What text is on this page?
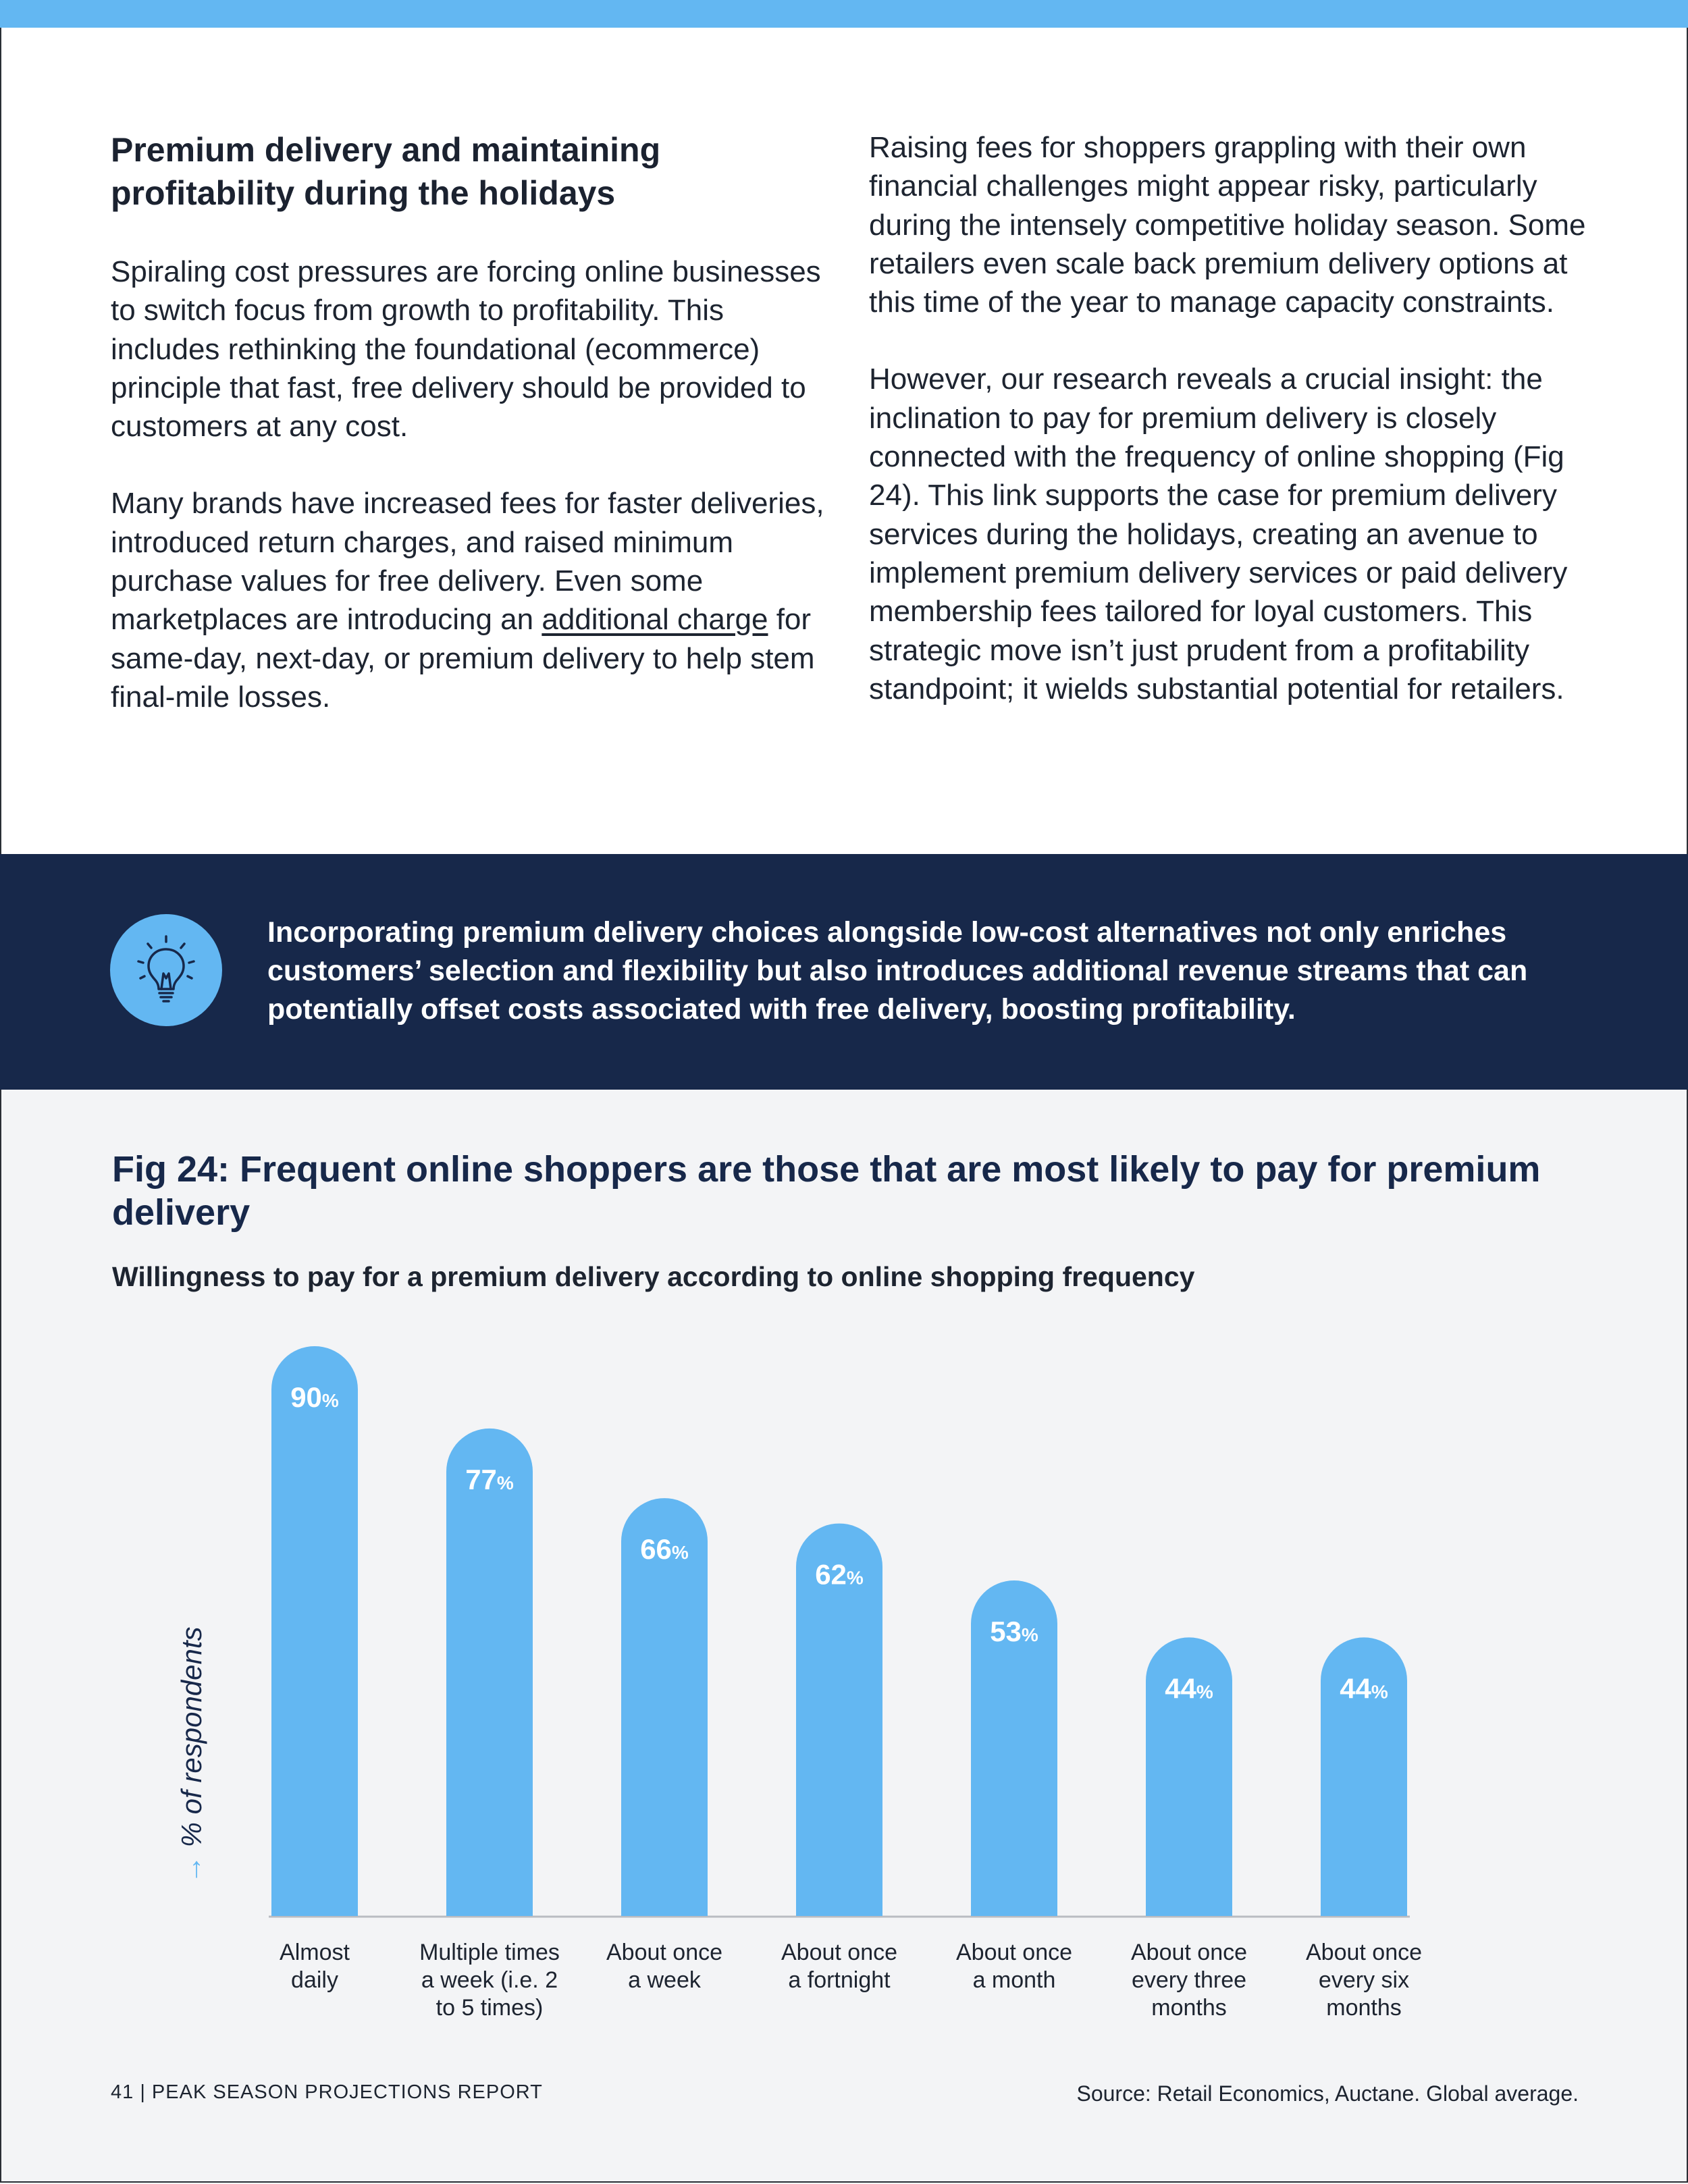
Premium delivery and maintaining profitability during the holidays

Spiraling cost pressures are forcing online businesses to switch focus from growth to profitability. This includes rethinking the foundational (ecommerce) principle that fast, free delivery should be provided to customers at any cost.

Many brands have increased fees for faster deliveries, introduced return charges, and raised minimum purchase values for free delivery. Even some marketplaces are introducing an additional charge for same-day, next-day, or premium delivery to help stem final-mile losses.

Raising fees for shoppers grappling with their own financial challenges might appear risky, particularly during the intensely competitive holiday season. Some retailers even scale back premium delivery options at this time of the year to manage capacity constraints.

However, our research reveals a crucial insight: the inclination to pay for premium delivery is closely connected with the frequency of online shopping (Fig 24). This link supports the case for premium delivery services during the holidays, creating an avenue to implement premium delivery services or paid delivery membership fees tailored for loyal customers. This strategic move isn’t just prudent from a profitability standpoint; it wields substantial potential for retailers.

Incorporating premium delivery choices alongside low-cost alternatives not only enriches customers’ selection and flexibility but also introduces additional revenue streams that can potentially offset costs associated with free delivery, boosting profitability.
Fig 24: Frequent online shoppers are those that are most likely to pay for premium delivery
Willingness to pay for a premium delivery according to online shopping frequency
90%
Almost daily
77%
Multiple times a week (i.e. 2 to 5 times)
66%
About once a week
62%
About once a fortnight
53%
About once a month
44%
About once every three months
44%
About once every six months
→ % of respondents
41 | PEAK SEASON PROJECTIONS REPORT	Source: Retail Economics, Auctane. Global average.
